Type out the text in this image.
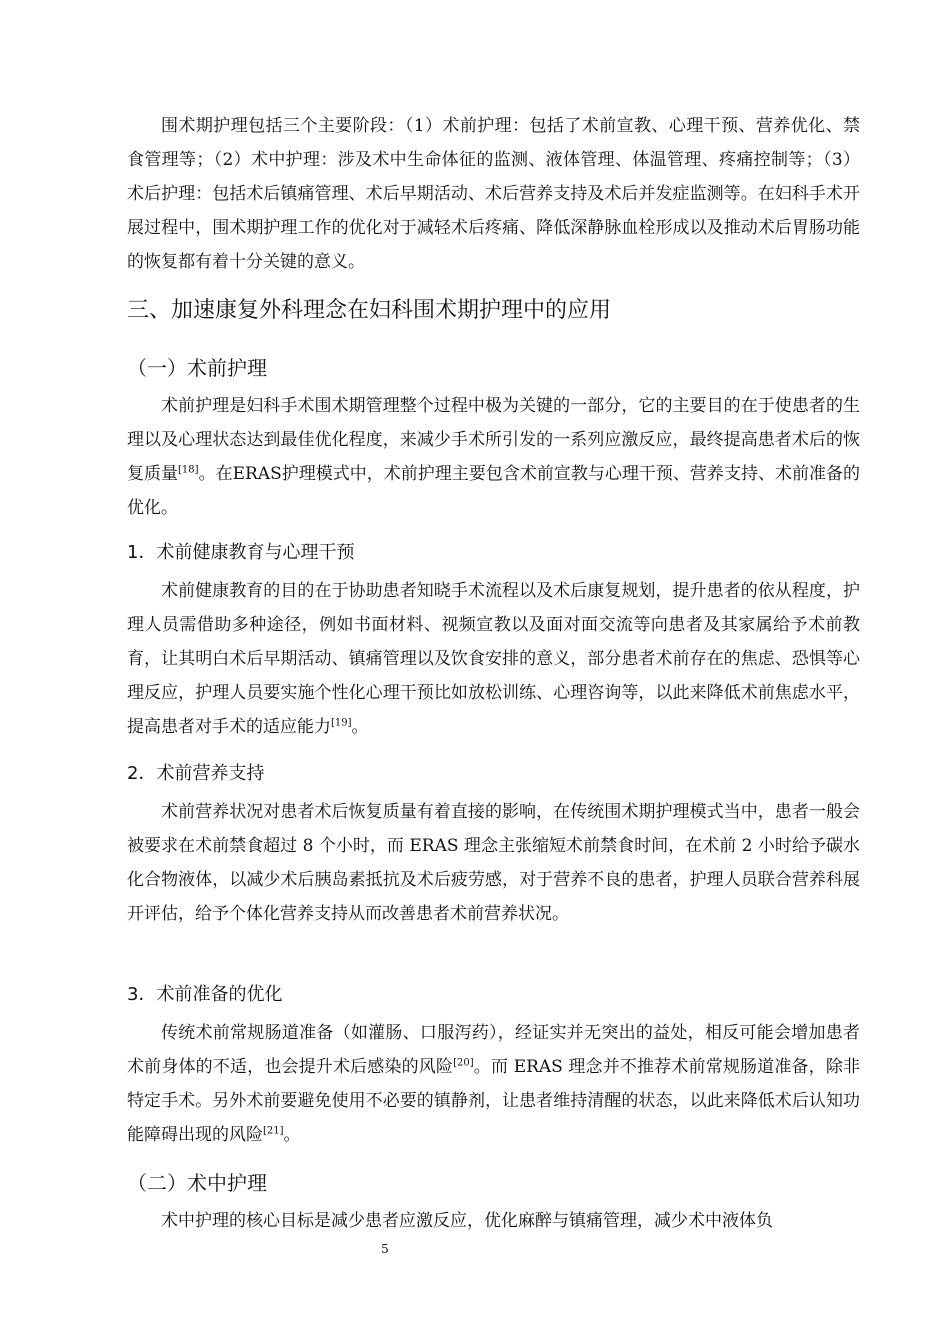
围术期护理包括三个主要阶段：（1）术前护理：包括了术前宣教、心理干预、营养优化、禁食管理等；（2）术中护理：涉及术中生命体征的监测、液体管理、体温管理、疼痛控制等；（3）术后护理：包括术后镇痛管理、术后早期活动、术后营养支持及术后并发症监测等。在妇科手术开展过程中，围术期护理工作的优化对于减轻术后疼痛、降低深静脉血栓形成以及推动术后胃肠功能的恢复都有着十分关键的意义。

三、加速康复外科理念在妇科围术期护理中的应用
（一）术前护理

术前护理是妇科手术围术期管理整个过程中极为关键的一部分，它的主要目的在于使患者的生理以及心理状态达到最佳优化程度，来减少手术所引发的一系列应激反应，最终提高患者术后的恢复质量[18]。在ERAS护理模式中，术前护理主要包含术前宣教与心理干预、营养支持、术前准备的优化。

1．术前健康教育与心理干预

术前健康教育的目的在于协助患者知晓手术流程以及术后康复规划，提升患者的依从程度，护理人员需借助多种途径，例如书面材料、视频宣教以及面对面交流等向患者及其家属给予术前教育，让其明白术后早期活动、镇痛管理以及饮食安排的意义，部分患者术前存在的焦虑、恐惧等心理反应，护理人员要实施个性化心理干预比如放松训练、心理咨询等，以此来降低术前焦虑水平，提高患者对手术的适应能力[19]。

2．术前营养支持

术前营养状况对患者术后恢复质量有着直接的影响，在传统围术期护理模式当中，患者一般会被要求在术前禁食超过 8 个小时，而 ERAS 理念主张缩短术前禁食时间，在术前 2 小时给予碳水化合物液体，以减少术后胰岛素抵抗及术后疲劳感，对于营养不良的患者，护理人员联合营养科展开评估，给予个体化营养支持从而改善患者术前营养状况。

3．术前准备的优化

传统术前常规肠道准备（如灌肠、口服泻药），经证实并无突出的益处，相反可能会增加患者术前身体的不适，也会提升术后感染的风险[20]。而 ERAS 理念并不推荐术前常规肠道准备，除非特定手术。另外术前要避免使用不必要的镇静剂，让患者维持清醒的状态，以此来降低术后认知功能障碍出现的风险[21]。

（二）术中护理

术中护理的核心目标是减少患者应激反应，优化麻醉与镇痛管理，减少术中液体负

5
